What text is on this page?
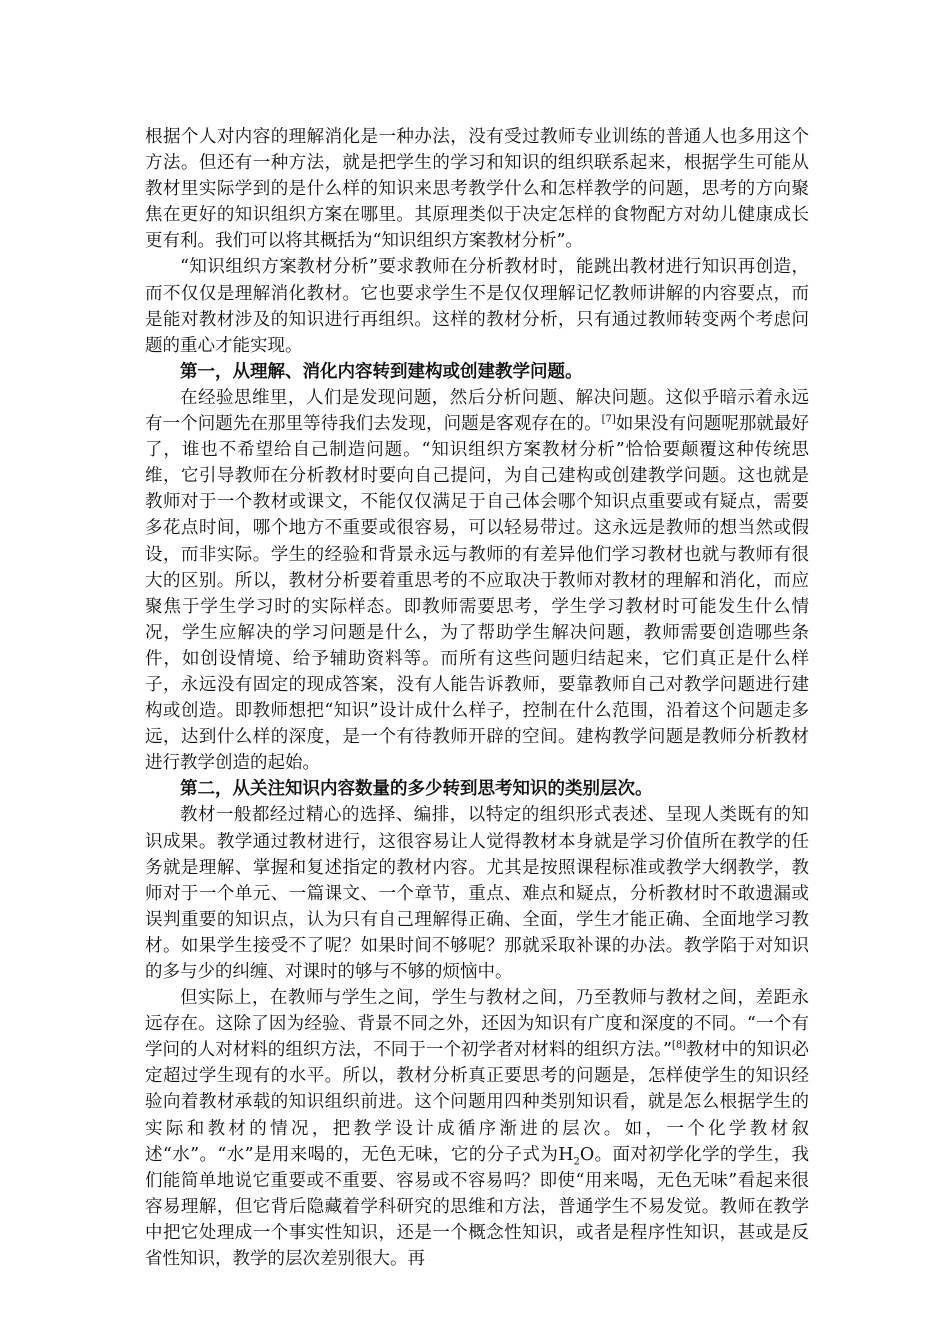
根据个人对内容的理解消化是一种办法，没有受过教师专业训练的普通人也多用这个方法。但还有一种方法，就是把学生的学习和知识的组织联系起来，根据学生可能从教材里实际学到的是什么样的知识来思考教学什么和怎样教学的问题，思考的方向聚焦在更好的知识组织方案在哪里。其原理类似于决定怎样的食物配方对幼儿健康成长更有利。我们可以将其概括为“知识组织方案教材分析”。

“知识组织方案教材分析”要求教师在分析教材时，能跳出教材进行知识再创造，而不仅仅是理解消化教材。它也要求学生不是仅仅理解记忆教师讲解的内容要点，而是能对教材涉及的知识进行再组织。这样的教材分析，只有通过教师转变两个考虑问题的重心才能实现。

第一，从理解、消化内容转到建构或创建教学问题。

在经验思维里，人们是发现问题，然后分析问题、解决问题。这似乎暗示着永远有一个问题先在那里等待我们去发现，问题是客观存在的。[7]如果没有问题呢那就最好了，谁也不希望给自己制造问题。“知识组织方案教材分析”恰恰要颠覆这种传统思维，它引导教师在分析教材时要向自己提问，为自己建构或创建教学问题。这也就是教师对于一个教材或课文，不能仅仅满足于自己体会哪个知识点重要或有疑点，需要多花点时间，哪个地方不重要或很容易，可以轻易带过。这永远是教师的想当然或假设，而非实际。学生的经验和背景永远与教师的有差异他们学习教材也就与教师有很大的区别。所以，教材分析要着重思考的不应取决于教师对教材的理解和消化，而应聚焦于学生学习时的实际样态。即教师需要思考，学生学习教材时可能发生什么情况，学生应解决的学习问题是什么，为了帮助学生解决问题，教师需要创造哪些条件，如创设情境、给予辅助资料等。而所有这些问题归结起来，它们真正是什么样子，永远没有固定的现成答案，没有人能告诉教师，要靠教师自己对教学问题进行建构或创造。即教师想把“知识”设计成什么样子，控制在什么范围，沿着这个问题走多远，达到什么样的深度，是一个有待教师开辟的空间。建构教学问题是教师分析教材进行教学创造的起始。

第二，从关注知识内容数量的多少转到思考知识的类别层次。

教材一般都经过精心的选择、编排，以特定的组织形式表述、呈现人类既有的知识成果。教学通过教材进行，这很容易让人觉得教材本身就是学习价值所在教学的任务就是理解、掌握和复述指定的教材内容。尤其是按照课程标准或教学大纲教学，教师对于一个单元、一篇课文、一个章节，重点、难点和疑点，分析教材时不敢遗漏或误判重要的知识点，认为只有自己理解得正确、全面，学生才能正确、全面地学习教材。如果学生接受不了呢？如果时间不够呢？那就采取补课的办法。教学陷于对知识的多与少的纠缠、对课时的够与不够的烦恼中。

但实际上，在教师与学生之间，学生与教材之间，乃至教师与教材之间，差距永远存在。这除了因为经验、背景不同之外，还因为知识有广度和深度的不同。“一个有学问的人对材料的组织方法，不同于一个初学者对材料的组织方法。”[8]教材中的知识必定超过学生现有的水平。所以，教材分析真正要思考的问题是，怎样使学生的知识经验向着教材承载的知识组织前进。这个问题用四种类别知识看，就是怎么根据学生的实际和教材的情况，把教学设计成循序渐进的层次。如，一个化学教材叙述“水”。“水”是用来喝的，无色无味，它的分子式为$H_2O$。面对初学化学的学生，我们能简单地说它重要或不重要、容易或不容易吗？即使“用来喝，无色无味”看起来很容易理解，但它背后隐藏着学科研究的思维和方法，普通学生不易发觉。教师在教学中把它处理成一个事实性知识，还是一个概念性知识，或者是程序性知识，甚或是反省性知识，教学的层次差别很大。再
